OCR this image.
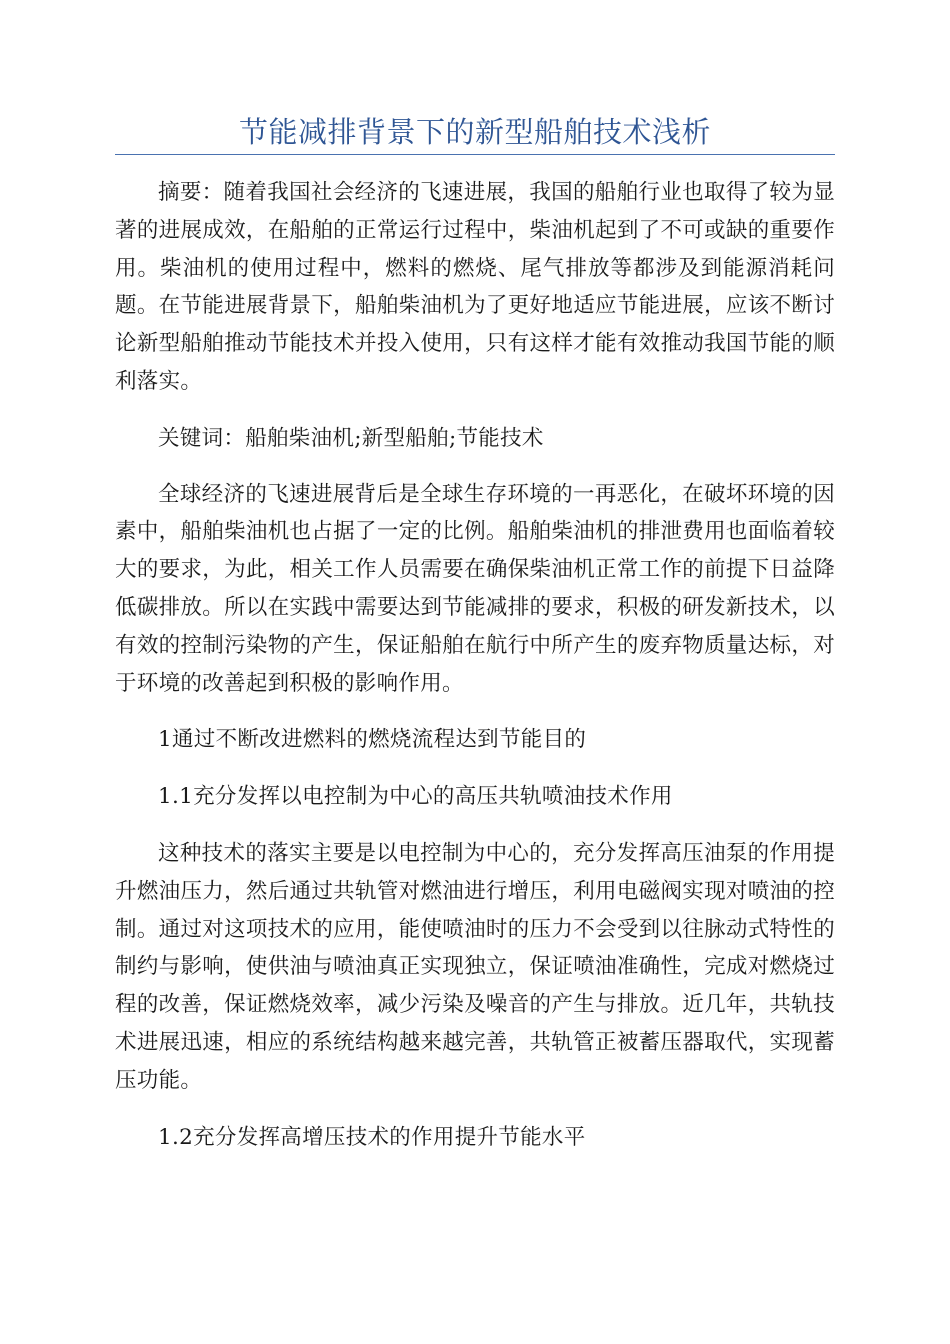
节能减排背景下的新型船舶技术浅析

摘要：随着我国社会经济的飞速进展，我国的船舶行业也取得了较为显著的进展成效，在船舶的正常运行过程中，柴油机起到了不可或缺的重要作用。柴油机的使用过程中，燃料的燃烧、尾气排放等都涉及到能源消耗问题。在节能进展背景下，船舶柴油机为了更好地适应节能进展，应该不断讨论新型船舶推动节能技术并投入使用，只有这样才能有效推动我国节能的顺利落实。

关键词：船舶柴油机;新型船舶;节能技术

全球经济的飞速进展背后是全球生存环境的一再恶化，在破坏环境的因素中，船舶柴油机也占据了一定的比例。船舶柴油机的排泄费用也面临着较大的要求，为此，相关工作人员需要在确保柴油机正常工作的前提下日益降低碳排放。所以在实践中需要达到节能减排的要求，积极的研发新技术，以有效的控制污染物的产生，保证船舶在航行中所产生的废弃物质量达标，对于环境的改善起到积极的影响作用。

1通过不断改进燃料的燃烧流程达到节能目的

1.1充分发挥以电控制为中心的高压共轨喷油技术作用

这种技术的落实主要是以电控制为中心的，充分发挥高压油泵的作用提升燃油压力，然后通过共轨管对燃油进行增压，利用电磁阀实现对喷油的控制。通过对这项技术的应用，能使喷油时的压力不会受到以往脉动式特性的制约与影响，使供油与喷油真正实现独立，保证喷油准确性，完成对燃烧过程的改善，保证燃烧效率，减少污染及噪音的产生与排放。近几年，共轨技术进展迅速，相应的系统结构越来越完善，共轨管正被蓄压器取代，实现蓄压功能。

1.2充分发挥高增压技术的作用提升节能水平
